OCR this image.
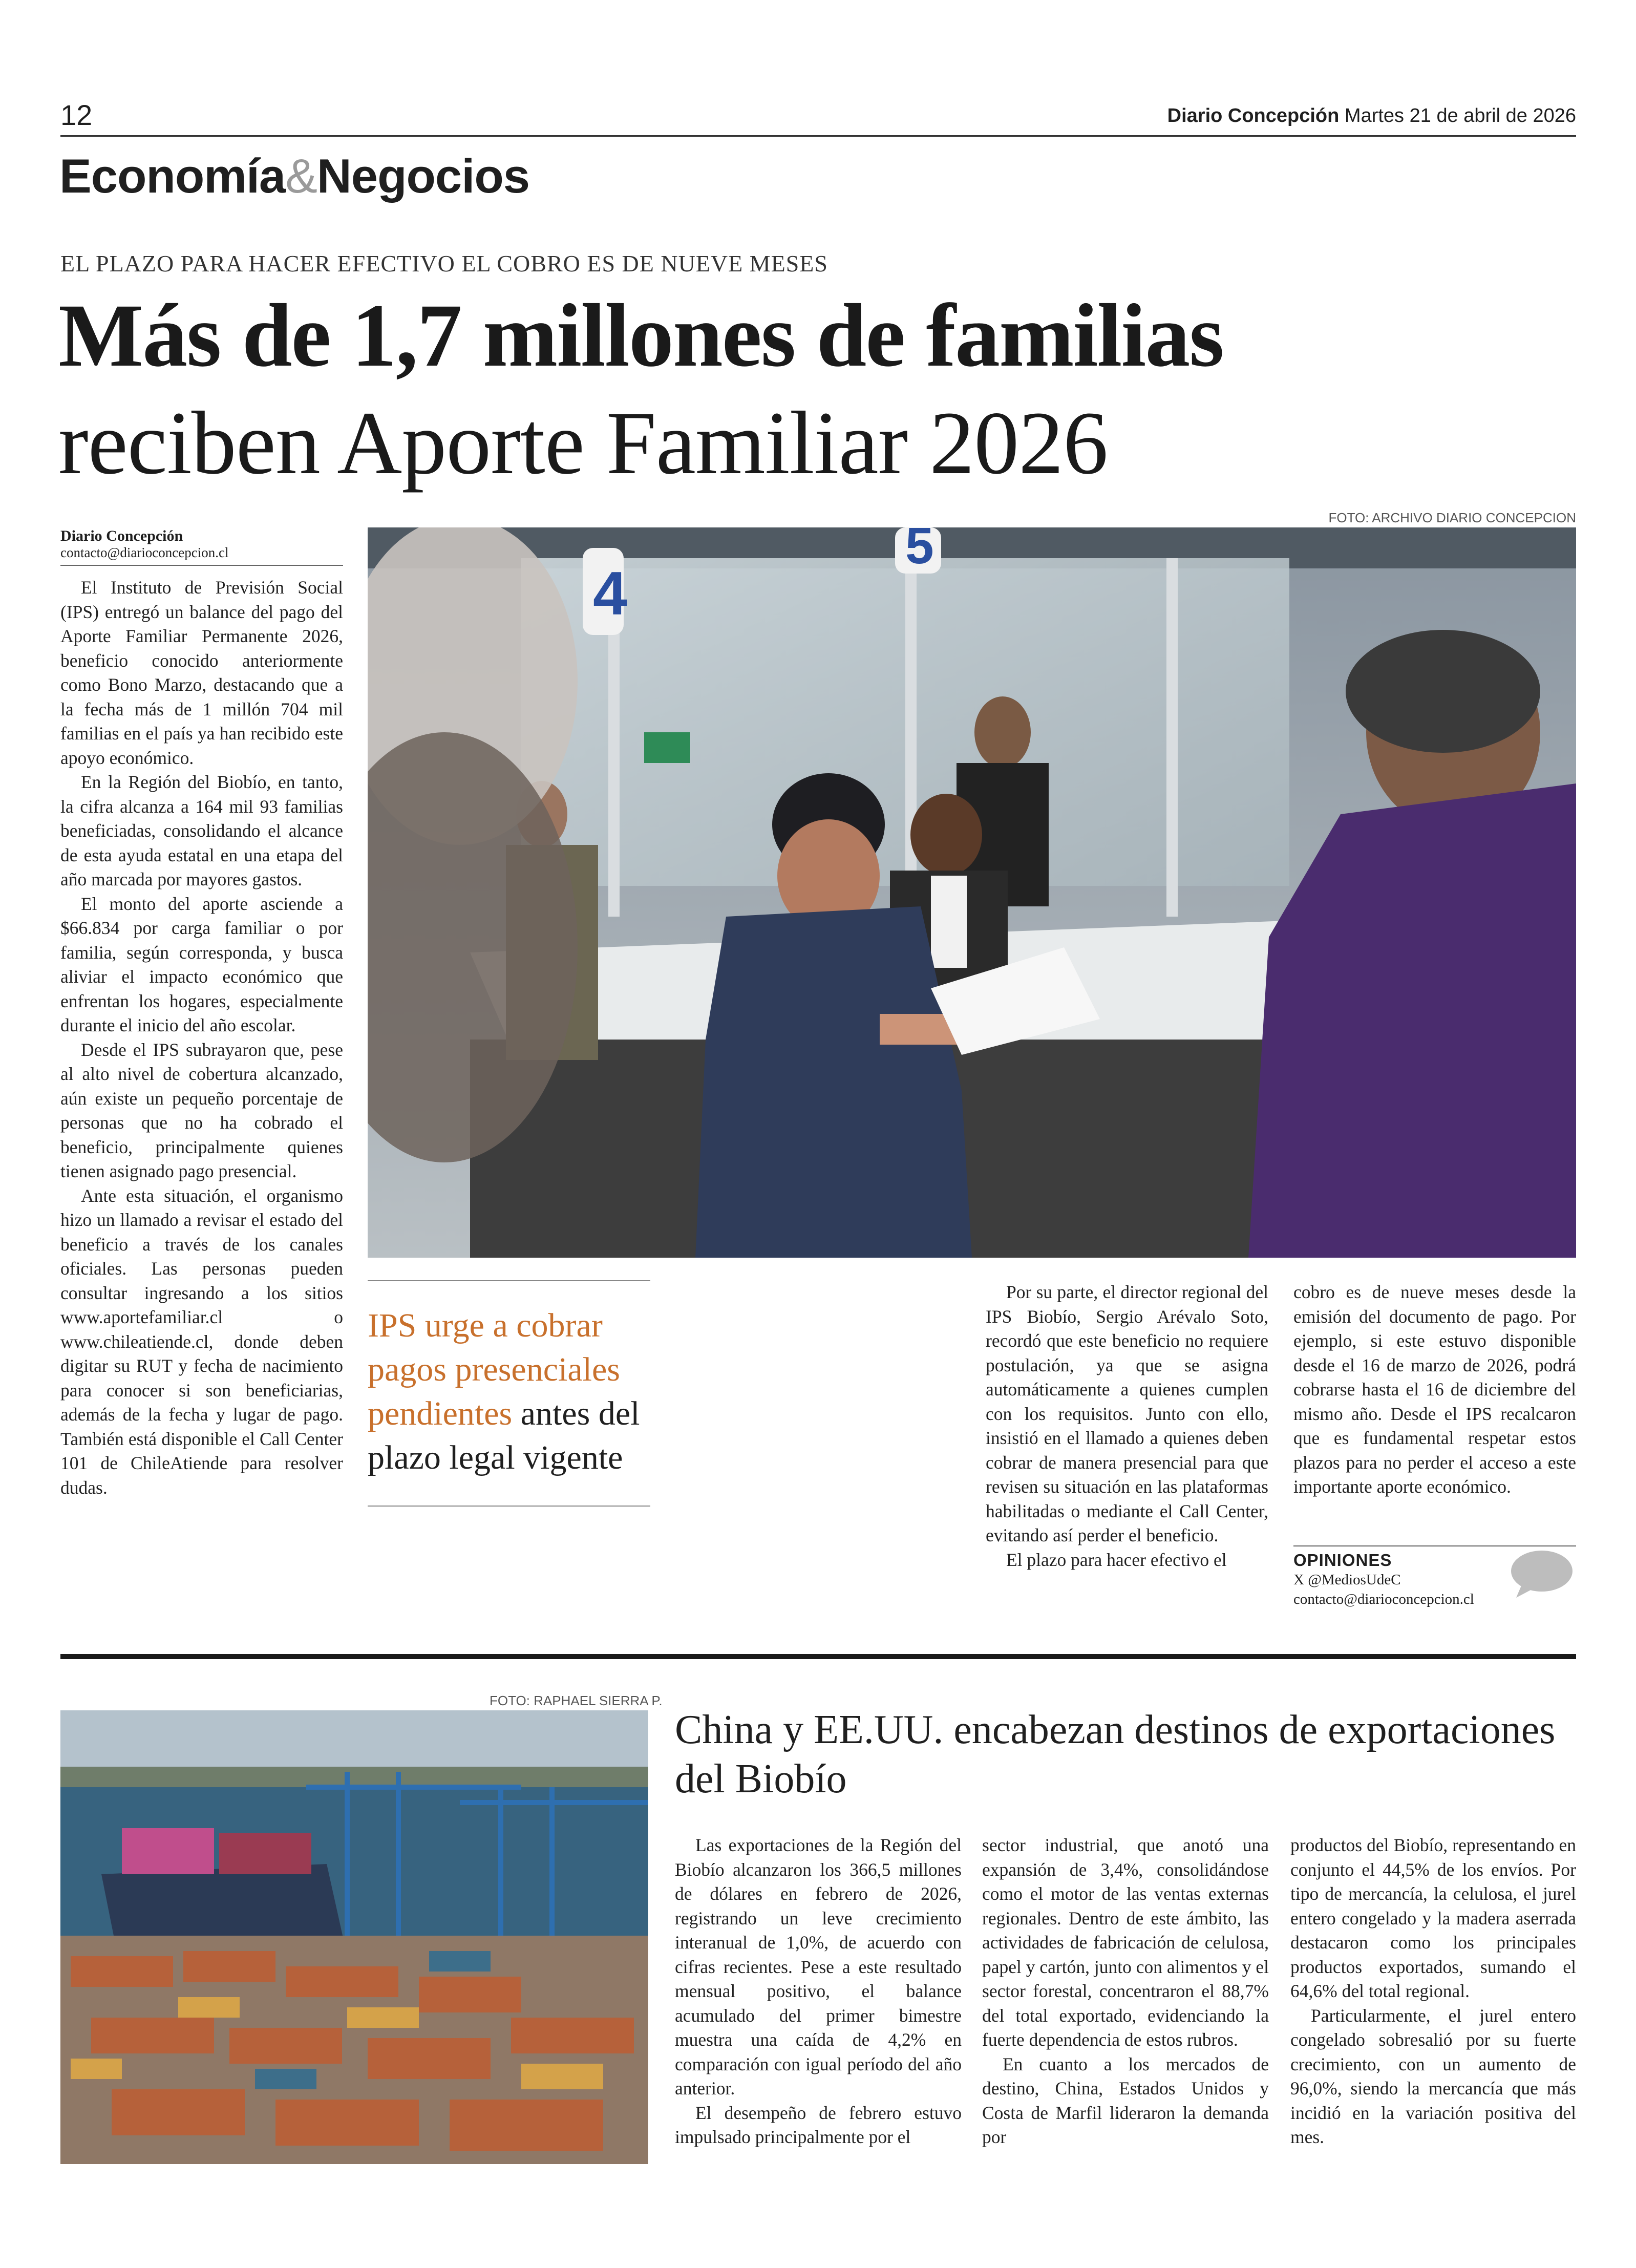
12	Diario Concepción Martes 21 de abril de 2026
Economía&Negocios
EL PLAZO PARA HACER EFECTIVO EL COBRO ES DE NUEVE MESES
Más de 1,7 millones de familias
reciben Aporte Familiar 2026
Diario Concepción
contacto@diarioconcepcion.cl

El Instituto de Previsión Social (IPS) entregó un balance del pago del Aporte Familiar Permanente 2026, beneficio conocido anteriormente como Bono Marzo, destacando que a la fecha más de 1 millón 704 mil familias en el país ya han recibido este apoyo económico.

En la Región del Biobío, en tanto, la cifra alcanza a 164 mil 93 familias beneficiadas, consolidando el alcance de esta ayuda estatal en una etapa del año marcada por mayores gastos.

El monto del aporte asciende a $66.834 por carga familiar o por familia, según corresponda, y busca aliviar el impacto económico que enfrentan los hogares, especialmente durante el inicio del año escolar.

Desde el IPS subrayaron que, pese al alto nivel de cobertura alcanzado, aún existe un pequeño porcentaje de personas que no ha cobrado el beneficio, principalmente quienes tienen asignado pago presencial.

Ante esta situación, el organismo hizo un llamado a revisar el estado del beneficio a través de los canales oficiales. Las personas pueden consultar ingresando a los sitios www.aportefamiliar.cl o www.chileatiende.cl, donde deben digitar su RUT y fecha de nacimiento para conocer si son beneficiarias, además de la fecha y lugar de pago. También está disponible el Call Center 101 de ChileAtiende para resolver dudas.

FOTO: ARCHIVO DIARIO CONCEPCION
4
5
IPS urge a cobrar pagos presenciales pendientes antes del plazo legal vigente

Por su parte, el director regional del IPS Biobío, Sergio Arévalo Soto, recordó que este beneficio no requiere postulación, ya que se asigna automáticamente a quienes cumplen con los requisitos. Junto con ello, insistió en el llamado a quienes deben cobrar de manera presencial para que revisen su situación en las plataformas habilitadas o mediante el Call Center, evitando así perder el beneficio.

El plazo para hacer efectivo el

cobro es de nueve meses desde la emisión del documento de pago. Por ejemplo, si este estuvo disponible desde el 16 de marzo de 2026, podrá cobrarse hasta el 16 de diciembre del mismo año. Desde el IPS recalcaron que es fundamental respetar estos plazos para no perder el acceso a este importante aporte económico.

OPINIONES
X @MediosUdeC
contacto@diarioconcepcion.cl
FOTO: RAPHAEL SIERRA P.
China y EE.UU. encabezan destinos de exportaciones del Biobío

Las exportaciones de la Región del Biobío alcanzaron los 366,5 millones de dólares en febrero de 2026, registrando un leve crecimiento interanual de 1,0%, de acuerdo con cifras recientes. Pese a este resultado mensual positivo, el balance acumulado del primer bimestre muestra una caída de 4,2% en comparación con igual período del año anterior.

El desempeño de febrero estuvo impulsado principalmente por el

sector industrial, que anotó una expansión de 3,4%, consolidándose como el motor de las ventas externas regionales. Dentro de este ámbito, las actividades de fabricación de celulosa, papel y cartón, junto con alimentos y el sector forestal, concentraron el 88,7% del total exportado, evidenciando la fuerte dependencia de estos rubros.

En cuanto a los mercados de destino, China, Estados Unidos y Costa de Marfil lideraron la demanda por

productos del Biobío, representando en conjunto el 44,5% de los envíos. Por tipo de mercancía, la celulosa, el jurel entero congelado y la madera aserrada destacaron como los principales productos exportados, sumando el 64,6% del total regional.

Particularmente, el jurel entero congelado sobresalió por su fuerte crecimiento, con un aumento de 96,0%, siendo la mercancía que más incidió en la variación positiva del mes.
